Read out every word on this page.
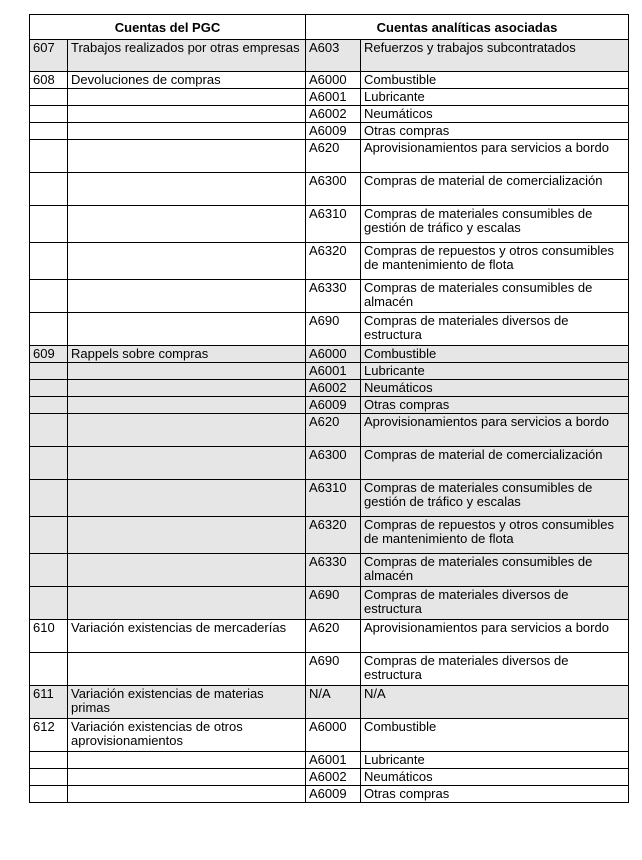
Cuentas del PGC		Cuentas analíticas asociadas	
607	Trabajos realizados por otras empresas	A603	Refuerzos y trabajos subcontratados
608	Devoluciones de compras	A6000	Combustible
		A6001	Lubricante
		A6002	Neumáticos
		A6009	Otras compras
		A620	Aprovisionamientos para servicios a bordo
		A6300	Compras de material de comercialización
		A6310	Compras de materiales consumibles de gestión de tráfico y escalas
		A6320	Compras de repuestos y otros consumibles de mantenimiento de flota
		A6330	Compras de materiales consumibles de almacén
		A690	Compras de materiales diversos de estructura
609	Rappels sobre compras	A6000	Combustible
		A6001	Lubricante
		A6002	Neumáticos
		A6009	Otras compras
		A620	Aprovisionamientos para servicios a bordo
		A6300	Compras de material de comercialización
		A6310	Compras de materiales consumibles de gestión de tráfico y escalas
		A6320	Compras de repuestos y otros consumibles de mantenimiento de flota
		A6330	Compras de materiales consumibles de almacén
		A690	Compras de materiales diversos de estructura
610	Variación existencias de mercaderías	A620	Aprovisionamientos para servicios a bordo
		A690	Compras de materiales diversos de estructura
611	Variación existencias de materias primas	N/A	N/A
612	Variación existencias de otros aprovisionamientos	A6000	Combustible
		A6001	Lubricante
		A6002	Neumáticos
		A6009	Otras compras
